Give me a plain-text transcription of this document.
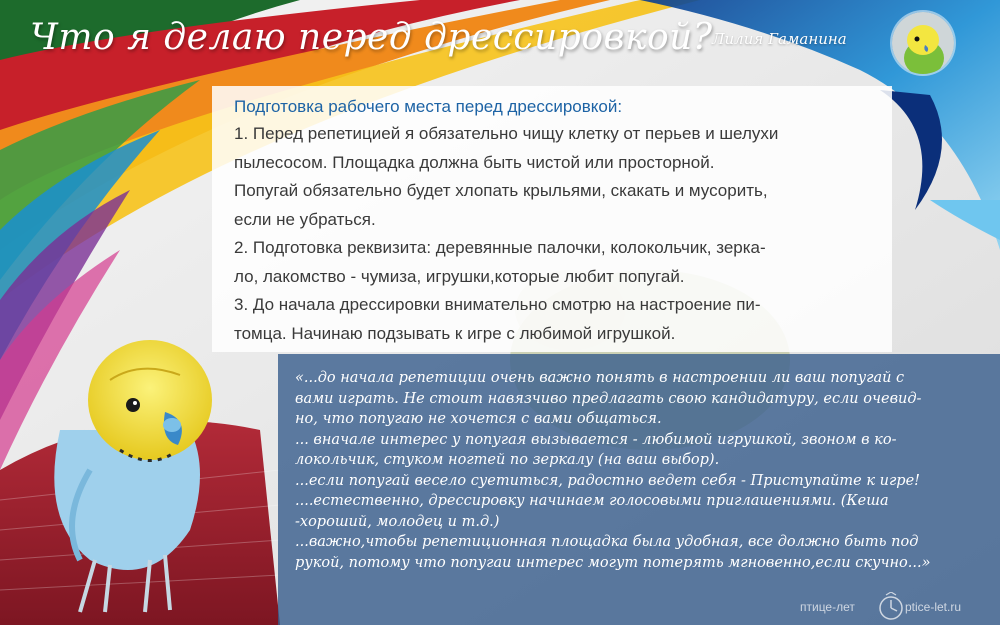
Что я делаю перед дрессировкой? Лилия Гаманина
Подготовка рабочего места перед дрессировкой:
1. Перед репетицией я обязательно чищу клетку от перьев и шелухи
пылесосом. Площадка должна быть чистой или просторной.
Попугай обязательно будет хлопать крыльями, скакать и мусорить,
если не убраться.
2. Подготовка реквизита: деревянные палочки, колокольчик, зерка-
ло, лакомство - чумиза, игрушки,которые любит попугай.
3. До начала дрессировки внимательно смотрю на настроение пи-
томца. Начинаю подзывать к игре с любимой игрушкой.
«...до начала репетиции очень важно понять в настроении ли ваш попугай с
вами играть. Не стоит навязчиво предлагать свою кандидатуру, если очевид-
но, что попугаю не хочется с вами общаться.
... вначале интерес у попугая вызывается - любимой игрушкой, звоном в ко-
локольчик, стуком ногтей по зеркалу (на ваш выбор).
...если попугай весело суетиться, радостно ведет себя - Приступайте к игре!
....естественно, дрессировку начинаем голосовыми приглашениями. (Кеша
-хороший, молодец и т.д.)
...важно,чтобы репетиционная площадка была удобная, все должно быть под
рукой, потому что попугаи интерес могут потерять мгновенно,если скучно...»
птице-лет	ptice-let.ru
